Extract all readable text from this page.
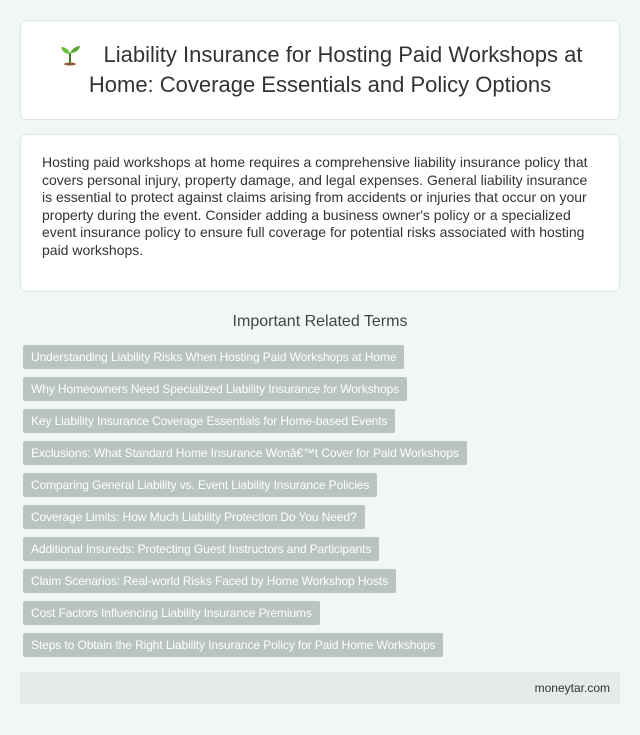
Liability Insurance for Hosting Paid Workshops at Home: Coverage Essentials and Policy Options

Hosting paid workshops at home requires a comprehensive liability insurance policy that covers personal injury, property damage, and legal expenses. General liability insurance is essential to protect against claims arising from accidents or injuries that occur on your property during the event. Consider adding a business owner's policy or a specialized event insurance policy to ensure full coverage for potential risks associated with hosting paid workshops.

Important Related Terms
Understanding Liability Risks When Hosting Paid Workshops at Home
Why Homeowners Need Specialized Liability Insurance for Workshops
Key Liability Insurance Coverage Essentials for Home-based Events
Exclusions: What Standard Home Insurance Wonâ€™t Cover for Paid Workshops
Comparing General Liability vs. Event Liability Insurance Policies
Coverage Limits: How Much Liability Protection Do You Need?
Additional Insureds: Protecting Guest Instructors and Participants
Claim Scenarios: Real-world Risks Faced by Home Workshop Hosts
Cost Factors Influencing Liability Insurance Premiums
Steps to Obtain the Right Liability Insurance Policy for Paid Home Workshops
moneytar.com
